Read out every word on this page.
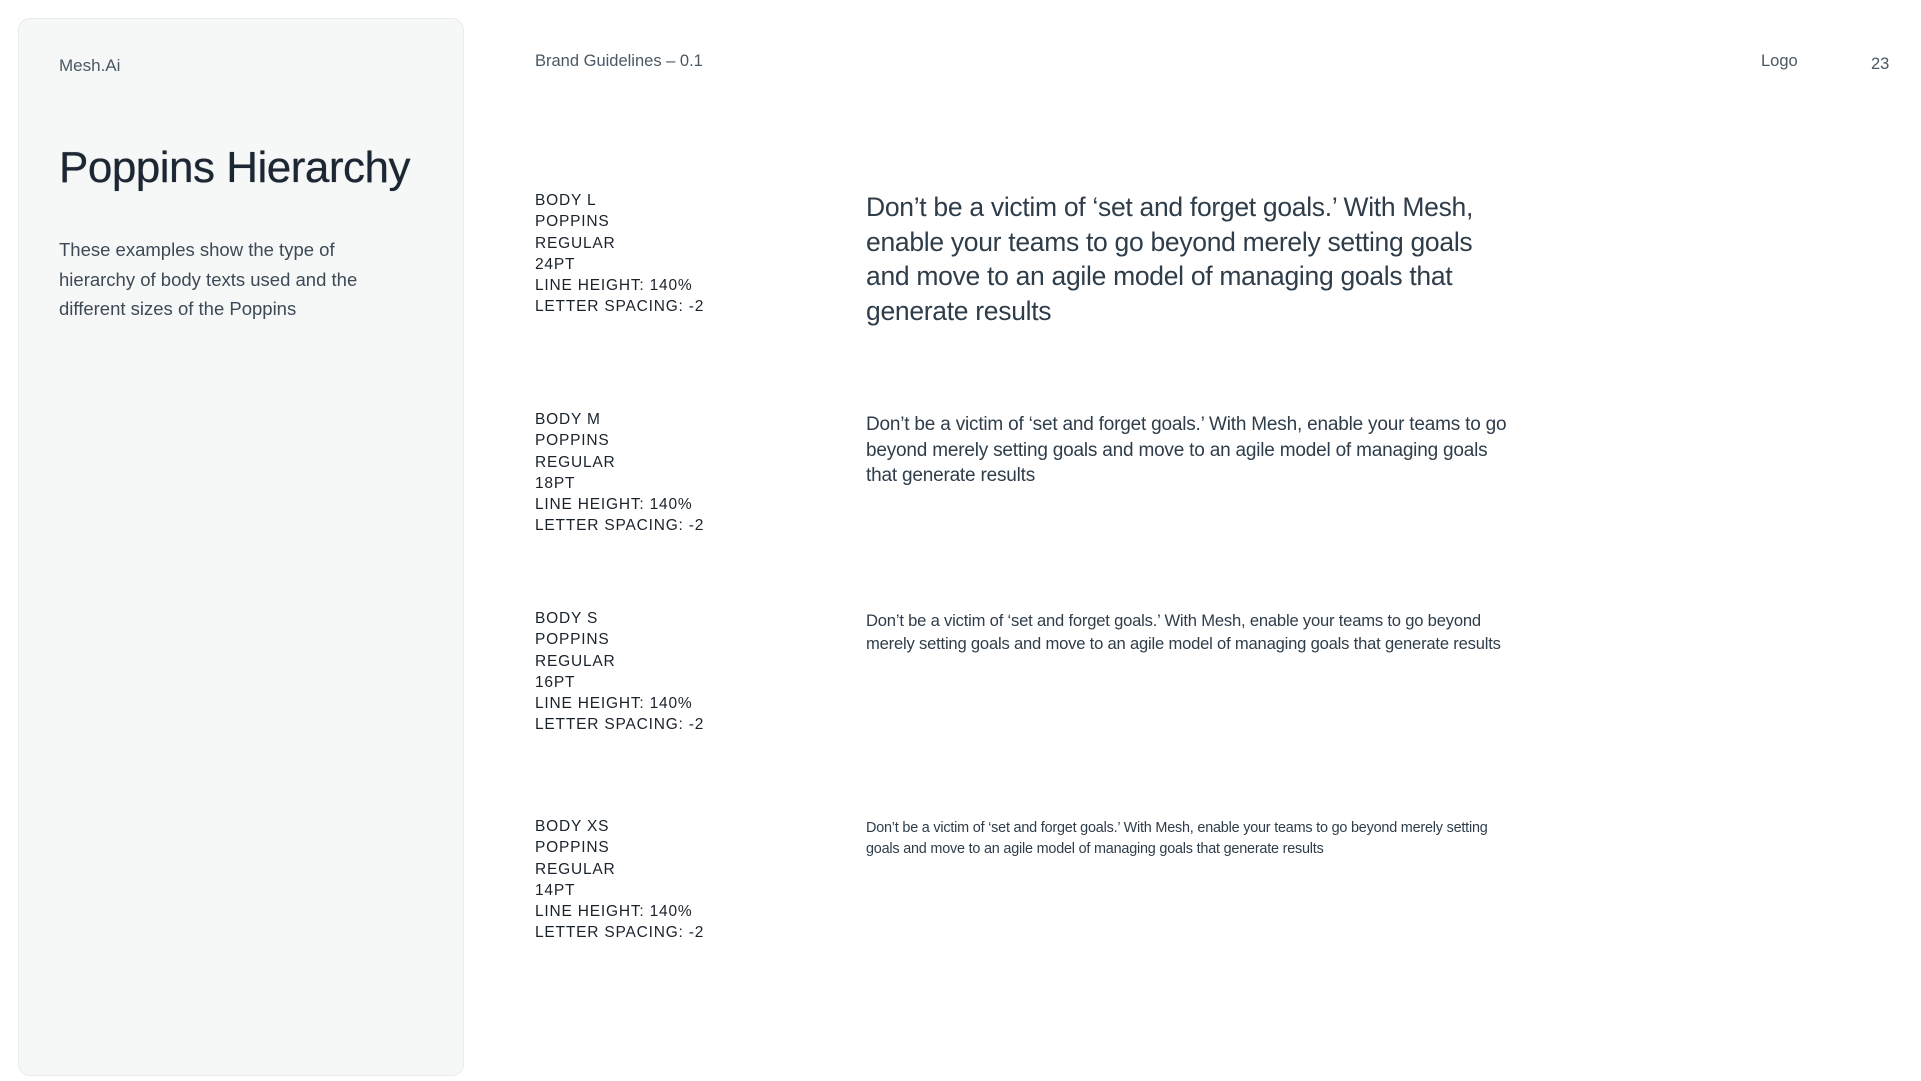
Mesh.Ai
Poppins Hierarchy

These examples show the type of hierarchy of body texts used and the different sizes of the Poppins

Brand Guidelines – 0.1	Logo	23
BODY L
POPPINS
REGULAR
24PT
LINE HEIGHT: 140%
LETTER SPACING: -2

Don’t be a victim of ‘set and forget goals.’ With Mesh, enable your teams to go beyond merely setting goals and move to an agile model of managing goals that generate results

BODY M
POPPINS
REGULAR
18PT
LINE HEIGHT: 140%
LETTER SPACING: -2

Don’t be a victim of ‘set and forget goals.’ With Mesh, enable your teams to go beyond merely setting goals and move to an agile model of managing goals that generate results

BODY S
POPPINS
REGULAR
16PT
LINE HEIGHT: 140%
LETTER SPACING: -2

Don’t be a victim of ‘set and forget goals.’ With Mesh, enable your teams to go beyond merely setting goals and move to an agile model of managing goals that generate results

BODY XS
POPPINS
REGULAR
14PT
LINE HEIGHT: 140%
LETTER SPACING: -2

Don’t be a victim of ‘set and forget goals.’ With Mesh, enable your teams to go beyond merely setting goals and move to an agile model of managing goals that generate results
